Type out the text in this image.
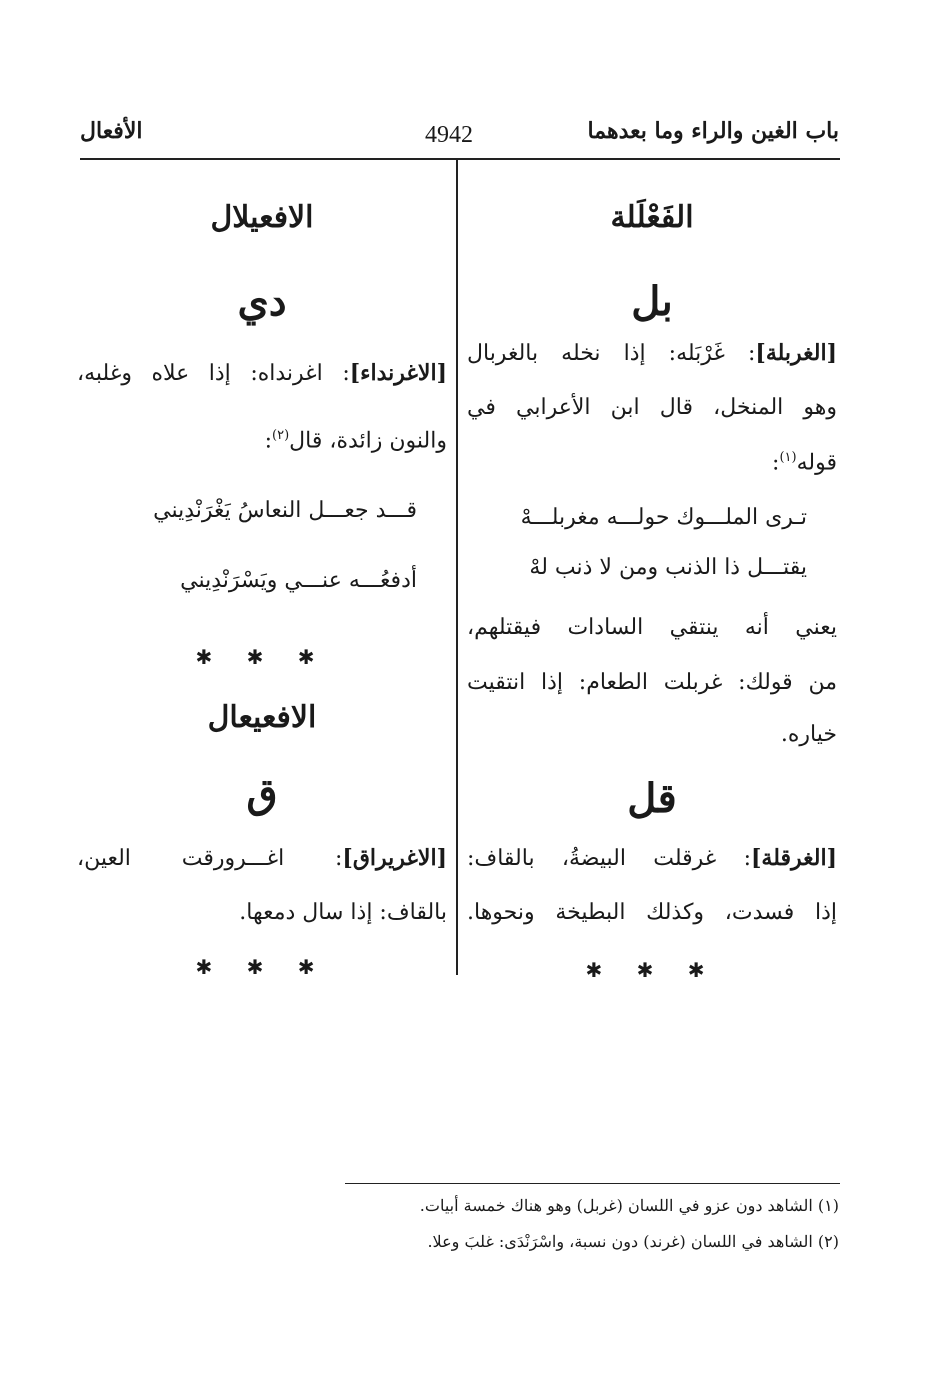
باب الغين والراء وما بعدهما
4942
الأفعال
الفَعْلَلة
بل
[الغربلة]: غَرْبَله: إذا نخله بالغربال
وهو المنخل، قال ابن الأعرابي في
قوله$^{(١)}$:
تـرى الملـــوك حولـــه مغربلـــهْ
يقتـــل ذا الذنب ومن لا ذنب لهْ
يعني أنه ينتقي السادات فيقتلهم،
من قولك: غربلت الطعام: إذا انتقيت
خياره.
قل
[الغرقلة]: غرقلت البيضةُ، بالقاف:
إذا فسدت، وكذلك البطيخة ونحوها.
✱ ✱ ✱
الافعيلال
دي
[الاغرنداء]: اغرنداه: إذا علاه وغلبه،
والنون زائدة، قال$^{(٢)}$:
قـــد جعـــل النعاسُ يَغْرَنْدِيني
أدفعُـــه عنـــي ويَسْرَنْدِيني
✱ ✱ ✱
الافعيعال
ق
[الاغريراق]: اغـــرورقت العين،
بالقاف: إذا سال دمعها.
✱ ✱ ✱
(١) الشاهد دون عزو في اللسان (غربل) وهو هناك خمسة أبيات.
(٢) الشاهد في اللسان (غرند) دون نسبة، واسْرَنْدَى: غلبَ وعلا.
